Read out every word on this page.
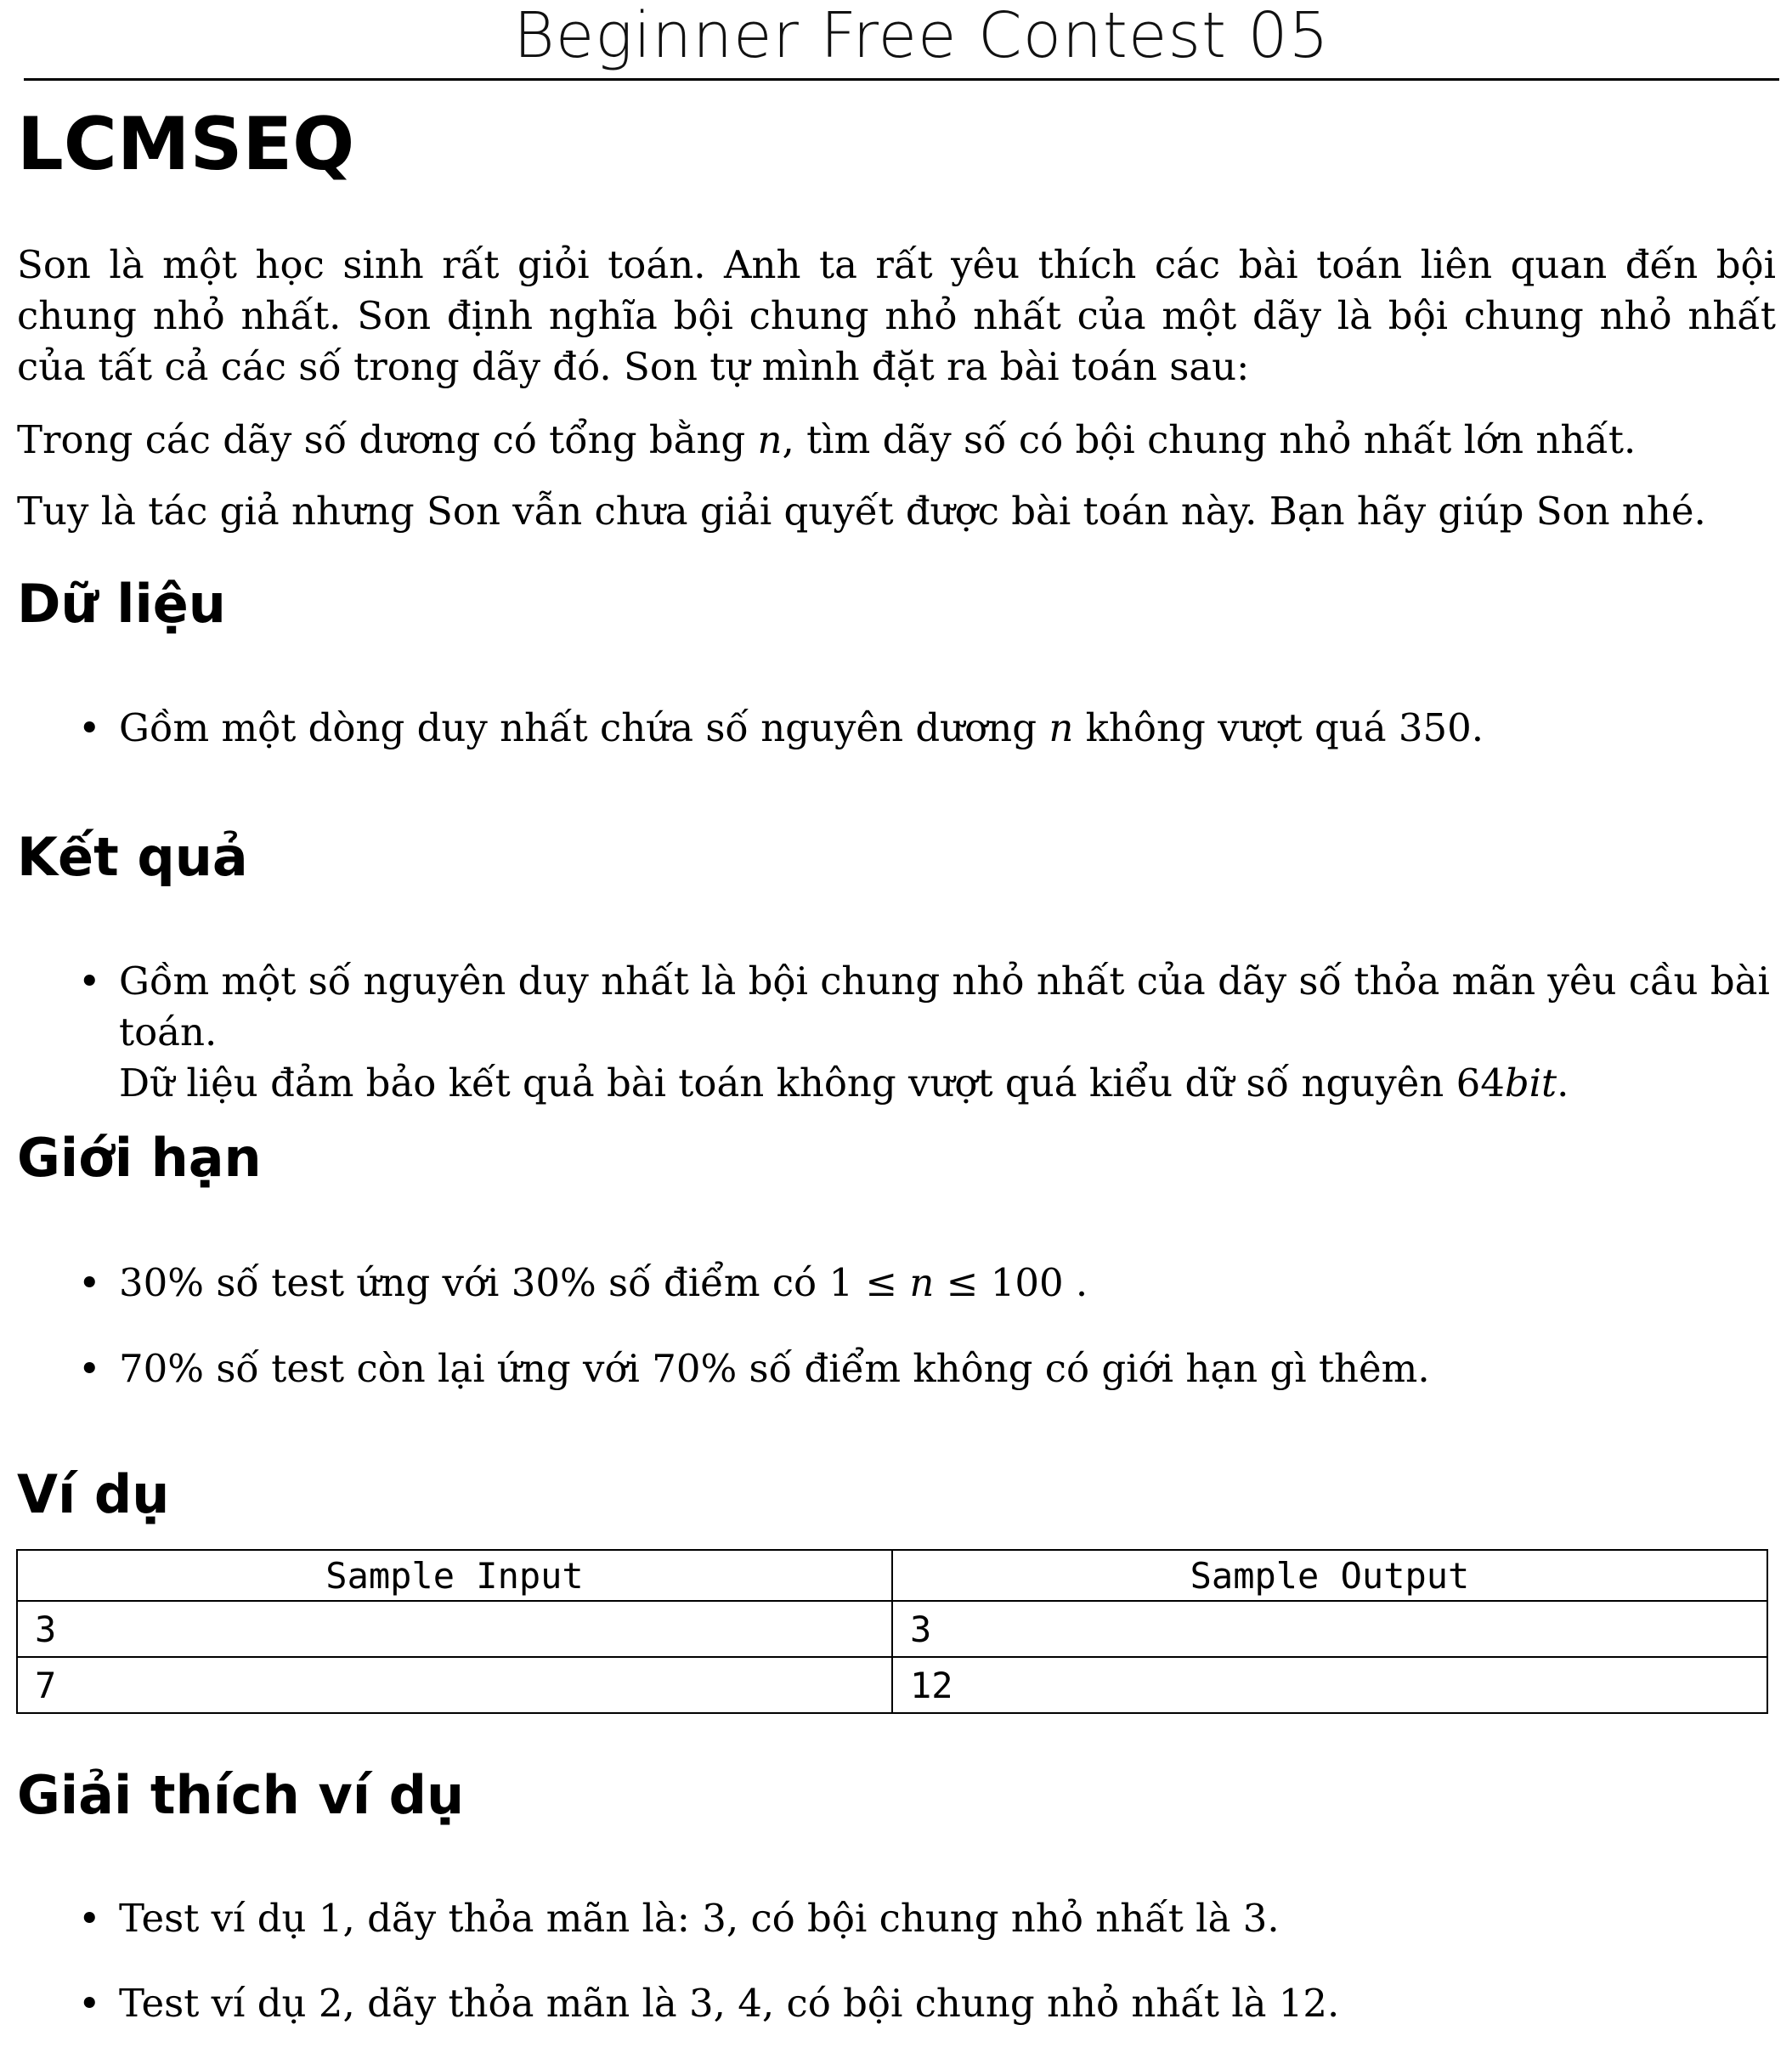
Beginner Free Contest 05
LCMSEQ

Son là một học sinh rất giỏi toán. Anh ta rất yêu thích các bài toán liên quan đến bội chung nhỏ nhất. Son định nghĩa bội chung nhỏ nhất của một dãy là bội chung nhỏ nhất của tất cả các số trong dãy đó. Son tự mình đặt ra bài toán sau:

Trong các dãy số dương có tổng bằng n, tìm dãy số có bội chung nhỏ nhất lớn nhất.

Tuy là tác giả nhưng Son vẫn chưa giải quyết được bài toán này. Bạn hãy giúp Son nhé.

Dữ liệu
• Gồm một dòng duy nhất chứa số nguyên dương n không vượt quá 350.
Kết quả
• Gồm một số nguyên duy nhất là bội chung nhỏ nhất của dãy số thỏa mãn yêu cầu bài toán.
Dữ liệu đảm bảo kết quả bài toán không vượt quá kiểu dữ số nguyên 64bit.
Giới hạn
• 30% số test ứng với 30% số điểm có 1 ≤ n ≤ 100 .
• 70% số test còn lại ứng với 70% số điểm không có giới hạn gì thêm.
Ví dụ
Sample Input	Sample Output
3	3
7	12
Giải thích ví dụ
• Test ví dụ 1, dãy thỏa mãn là: 3, có bội chung nhỏ nhất là 3.
• Test ví dụ 2, dãy thỏa mãn là 3, 4, có bội chung nhỏ nhất là 12.
